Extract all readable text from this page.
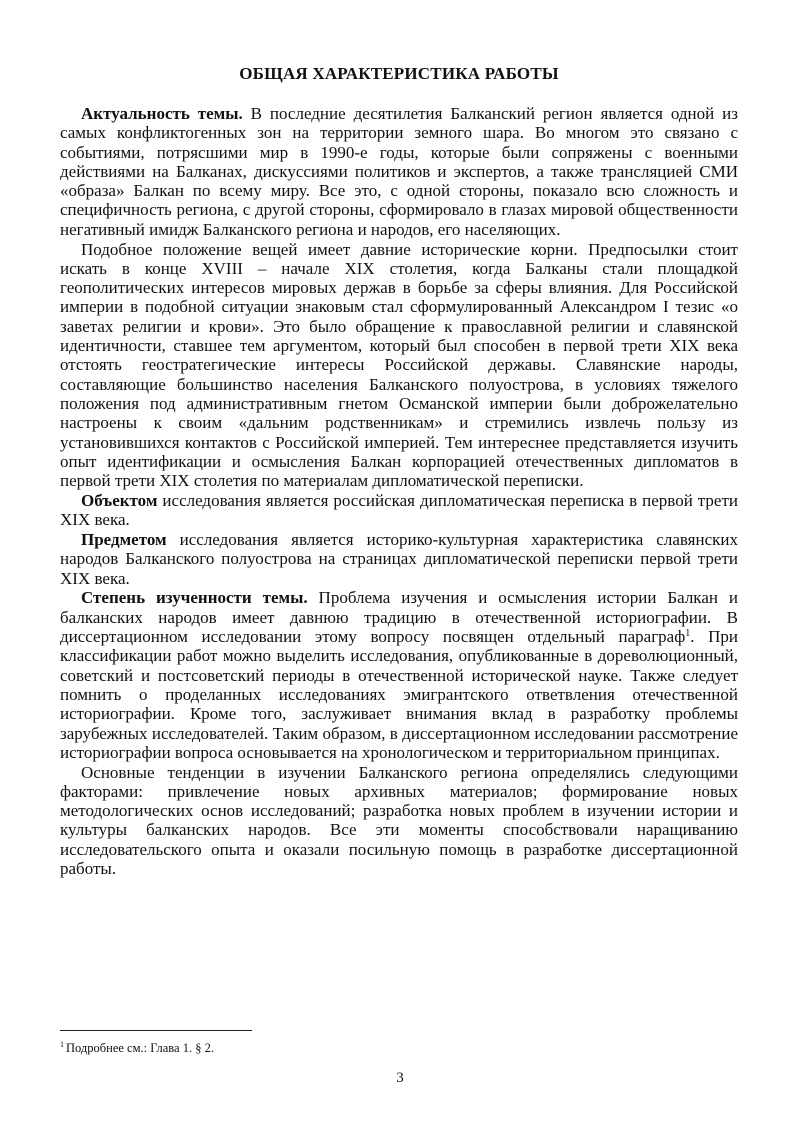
ОБЩАЯ ХАРАКТЕРИСТИКА РАБОТЫ

Актуальность темы. В последние десятилетия Балканский регион является одной из самых конфликтогенных зон на территории земного шара. Во многом это связано с событиями, потрясшими мир в 1990-е годы, которые были сопряжены с военными действиями на Балканах, дискуссиями политиков и экспертов, а также трансляцией СМИ «образа» Балкан по всему миру. Все это, с одной стороны, показало всю сложность и специфичность региона, с другой стороны, сформировало в глазах мировой общественности негативный имидж Балканского региона и народов, его населяющих.

Подобное положение вещей имеет давние исторические корни. Предпосылки стоит искать в конце XVIII – начале XIX столетия, когда Балканы стали площадкой геополитических интересов мировых держав в борьбе за сферы влияния. Для Российской империи в подобной ситуации знаковым стал сформулированный Александром I тезис «о заветах религии и крови». Это было обращение к православной религии и славянской идентичности, ставшее тем аргументом, который был способен в первой трети XIX века отстоять геостратегические интересы Российской державы. Славянские народы, составляющие большинство населения Балканского полуострова, в условиях тяжелого положения под административным гнетом Османской империи были доброжелательно настроены к своим «дальним родственникам» и стремились извлечь пользу из установившихся контактов с Российской империей. Тем интереснее представляется изучить опыт идентификации и осмысления Балкан корпорацией отечественных дипломатов в первой трети XIX столетия по материалам дипломатической переписки.

Объектом исследования является российская дипломатическая переписка в первой трети XIX века.

Предметом исследования является историко-культурная характеристика славянских народов Балканского полуострова на страницах дипломатической переписки первой трети XIX века.

Степень изученности темы. Проблема изучения и осмысления истории Балкан и балканских народов имеет давнюю традицию в отечественной историографии. В диссертационном исследовании этому вопросу посвящен отдельный параграф$^1$. При классификации работ можно выделить исследования, опубликованные в дореволюционный, советский и постсоветский периоды в отечественной исторической науке. Также следует помнить о проделанных исследованиях эмигрантского ответвления отечественной историографии. Кроме того, заслуживает внимания вклад в разработку проблемы зарубежных исследователей. Таким образом, в диссертационном исследовании рассмотрение историографии вопроса основывается на хронологическом и территориальном принципах.

Основные тенденции в изучении Балканского региона определялись следующими факторами: привлечение новых архивных материалов; формирование новых методологических основ исследований; разработка новых проблем в изучении истории и культуры балканских народов. Все эти моменты способствовали наращиванию исследовательского опыта и оказали посильную помощь в разработке диссертационной работы.

$^1$ Подробнее см.: Глава 1. § 2.
3
